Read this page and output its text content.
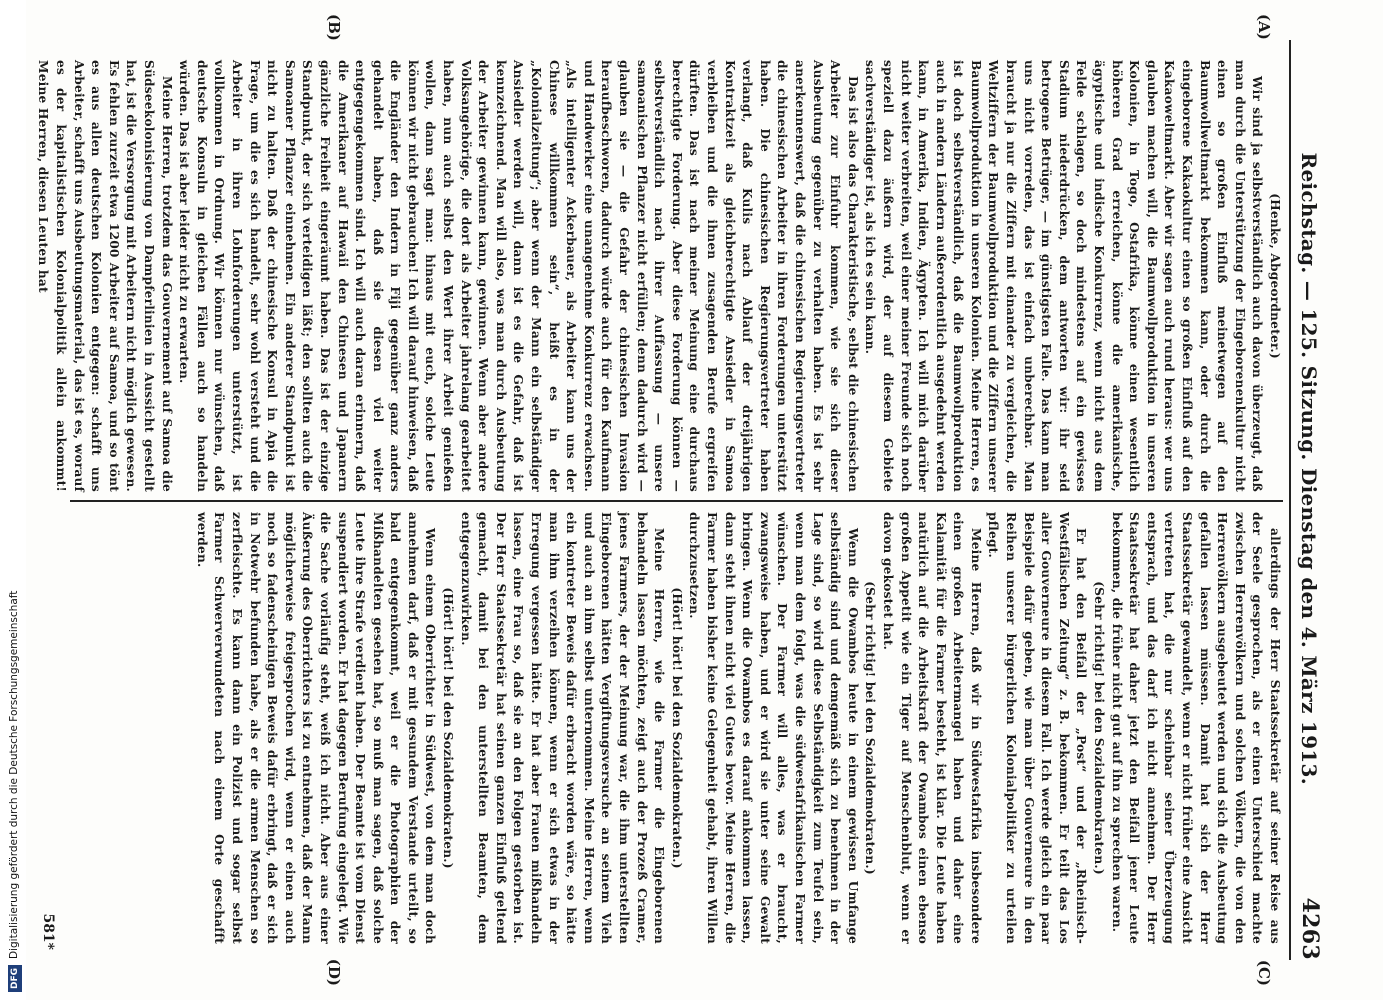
Reichstag. — 125. Sitzung. Dienstag den 4. März 1913.
4263
(A)
(B)
(C)
(D)

(Henke, Abgeordneter.)

Wir sind ja selbstverständlich auch davon überzeugt, daß man durch die Unterstützung der Eingeborenenkultur nicht einen so großen Einfluß meinetwegen auf den Baumwollweltmarkt bekommen kann, oder durch die eingeborene Kakaokultur einen so großen Einfluß auf den Kakaoweltmarkt. Aber wir sagen auch rund heraus: wer uns glauben machen will, die Baumwollproduktion in unseren Kolonien, in Togo, Ostafrika, könne einen wesentlich höheren Grad erreichen, könne die amerikanische, ägyptische und indische Konkurrenz, wenn nicht aus dem Felde schlagen, so doch mindestens auf ein gewisses Stadium niederdrücken, dem antworten wir: ihr seid betrogene Betrüger, — im günstigsten Falle. Das kann man uns nicht vorreden, das ist einfach unberechbar. Man braucht ja nur die Ziffern mit einander zu vergleichen, die Weltziffern der Baumwollproduktion und die Ziffern unserer Baumwollproduktion in unseren Kolonien. Meine Herren, es ist doch selbstverständlich, daß die Baumwollproduktion auch in andern Ländern außerordentlich ausgedehnt werden kann, in Amerika, Indien, Ägypten. Ich will mich darüber nicht weiter verbreiten, weil einer meiner Freunde sich noch speziell dazu äußern wird, der auf diesem Gebiete sachverständiger ist, als ich es sein kann.

Das ist also das Charakteristische, selbst die chinesischen Arbeiter zur Einfuhr kommen, wie sie sich dieser Ausbeutung gegenüber zu verhalten haben. Es ist sehr anerkennenswert, daß die chinesischen Regierungsvertreter die chinesischen Arbeiter in ihren Forderungen unterstützt haben. Die chinesischen Regierungsvertreter haben verlangt, daß Kulis nach Ablauf der dreijährigen Kontraktzeit als gleichberechtigte Ansiedler in Samoa verbleiben und die ihnen zusagenden Berufe ergreifen dürften. Das ist nach meiner Meinung eine durchaus berechtigte Forderung. Aber diese Forderung können — selbstverständlich nach ihrer Auffassung — unsere samoanischen Pflanzer nicht erfüllen; denn dadurch wird — glauben sie — die Gefahr der chinesischen Invasion heraufbeschworen, dadurch würde auch für den Kaufmann und Handwerker eine unangenehme Konkurrenz erwachsen. „Als intelligenter Ackerbauer, als Arbeiter kann uns der Chinese willkommen sein“, heißt es in der „Kolonialzeitung“; aber wenn der Mann ein selbständiger Ansiedler werden will, dann ist es die Gefahr, daß ist kennzeichnend. Man will also, was man durch Ausbeutung der Arbeiter gewinnen kann, gewinnen. Wenn aber andere Volksangehörige, die dort als Arbeiter jahrelang gearbeitet haben, nun auch selbst den Wert ihrer Arbeit genießen wollen, dann sagt man: hinaus mit euch, solche Leute können wir nicht gebrauchen! Ich will darauf hinweisen, daß die Engländer den Indern in Fiji gegenüber ganz anders gehandelt haben, daß sie diesen viel weiter entgegengekommen sind. Ich will auch daran erinnern, daß die Amerikaner auf Hawaii den Chinesen und Japanern gänzliche Freiheit eingeräumt haben. Das ist der einzige Standpunkt, der sich verteidigen läßt; den sollten auch die Samoaner Pflanzer einnehmen. Ein anderer Standpunkt ist nicht zu halten. Daß der chinesische Konsul in Apia die Frage, um die es sich handelt, sehr wohl versteht und die Arbeiter in ihren Lohnforderungen unterstützt, ist vollkommen in Ordnung. Wir können nur wünschen, daß deutsche Konsuln in gleichen Fällen auch so handeln würden. Das ist aber leider nicht zu erwarten.

Meine Herren, trotzdem das Gouvernement auf Samoa die Südseekolonisierung von Dampferlinien in Aussicht gestellt hat, ist die Versorgung mit Arbeitern nicht möglich gewesen. Es fehlen zurzeit etwa 1200 Arbeiter auf Samoa, und so tönt es aus allen deutschen Kolonien entgegen: schafft uns Arbeiter, schafft uns Ausbeutungsmaterial, das ist es, worauf es der kapitalistischen Kolonialpolitik allein ankommt! Meine Herren, diesen Leuten hat

allerdings der Herr Staatssekretär auf seiner Reise aus der Seele gesprochen, als er einen Unterschied machte zwischen Herrenvölkern und solchen Völkern, die von den Herrenvölkern ausgebeutet werden und sich die Ausbeutung gefallen lassen müssen. Damit hat sich der Herr Staatssekretär gewandelt, wenn er nicht früher eine Ansicht vertreten hat, die nur scheinbar seiner Überzeugung entsprach, und das darf ich nicht annehmen. Der Herr Staatssekretär hat daher jetzt den Beifall jener Leute bekommen, die früher nicht gut auf ihn zu sprechen waren.

(Sehr richtig! bei den Sozialdemokraten.)

Er hat den Beifall der „Post“ und der „Rheinisch-Westfälischen Zeitung“ z. B. bekommen. Er teilt das Los aller Gouverneure in diesem Fall. Ich werde gleich ein paar Beispiele dafür geben, wie man über Gouverneure in den Reihen unserer bürgerlichen Kolonialpolitiker zu urteilen pflegt.

Meine Herren, daß wir in Südwestafrika insbesondere einen großen Arbeitermangel haben und daher eine Kalamität für die Farmer besteht, ist klar. Die Leute haben natürlich auf die Arbeitskraft der Owambos einen ebenso großen Appetit wie ein Tiger auf Menschenblut, wenn er davon gekostet hat.

(Sehr richtig! bei den Sozialdemokraten.)

Wenn die Owambos heute in einem gewissen Umfange selbständig sind und demgemäß sich zu benehmen in der Lage sind, so wird diese Selbständigkeit zum Teufel sein, wenn man dem folgt, was die südwestafrikanischen Farmer wünschen. Der Farmer will alles, was er braucht, zwangsweise haben, und er wird sie unter seine Gewalt bringen. Wenn die Owambos es darauf ankommen lassen, dann steht ihnen nicht viel Gutes bevor. Meine Herren, die Farmer haben bisher keine Gelegenheit gehabt, ihren Willen durchzusetzen.

(Hört! hört! bei den Sozialdemokraten.)

Meine Herren, wie die Farmer die Eingeborenen behandeln lassen möchten, zeigt auch der Prozeß Cramer, jenes Farmers, der der Meinung war, die ihm unterstellten Eingeborenen hätten Vergiftungsversuche an seinem Vieh und auch an ihm selbst unternommen. Meine Herren, wenn ein kontreter Beweis dafür erbracht worden wäre, so hätte man ihm verzeihen können, wenn er sich etwas in der Erregung vergessen hätte. Er hat aber Frauen mißhandeln lassen, eine Frau so, daß sie an den Folgen gestorben ist. Der Herr Staatssekretär hat seinen ganzen Einfluß geltend gemacht, damit bei den unterstellten Beamten, dem entgegenzuwirken.

(Hört! hört! bei den Sozialdemokraten.)

Wenn einem Oberrichter in Südwest, von dem man doch annehmen darf, daß er mit gesundem Verstande urteilt, so bald entgegenkommt, weil er die Photographien der Mißhandelten gesehen hat, so muß man sagen, daß solche Leute ihre Strafe verdient haben. Der Beamte ist vom Dienst suspendiert worden. Er hat dagegen Berufung eingelegt. Wie die Sache vorläufig steht, weiß ich nicht. Aber aus einer Äußerung des Oberrichters ist zu entnehmen, daß der Mann möglicherweise freigesprochen wird, wenn er einen auch noch so fadenscheinigen Beweis dafür erbringt, daß er sich in Notwehr befunden habe, als er die armen Menschen so zerfleischte. Es kann dann ein Polizist und sogar selbst Farmer Schwerverwundeten nach einem Orte geschafft werden.

581*
DFGDigitalisierung gefördert durch die Deutsche Forschungsgemeinschaft
